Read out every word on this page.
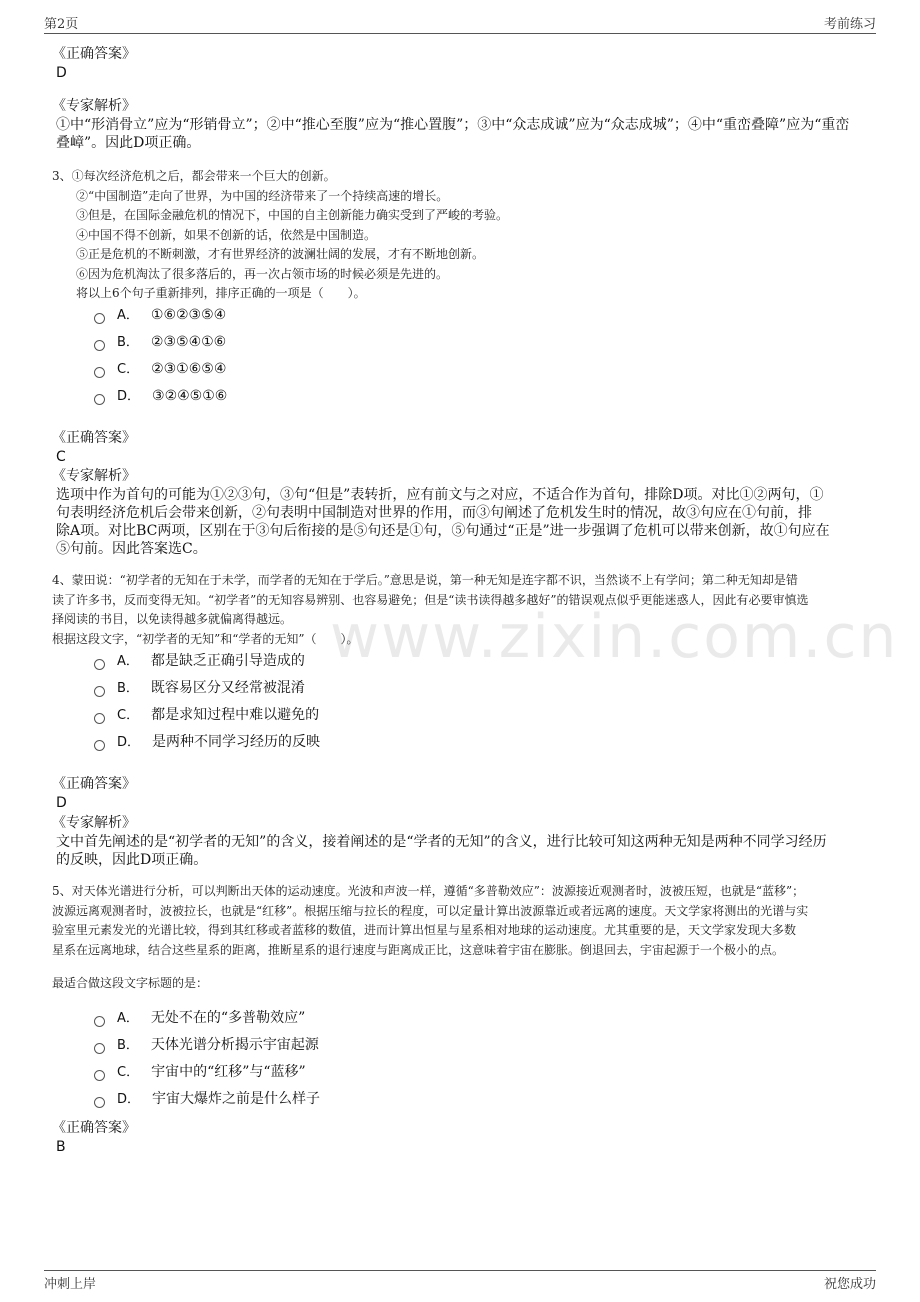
第2页	考前练习
www.zixin.com.cn
《正确答案》
D
《专家解析》
①中“形消骨立”应为“形销骨立”；②中“推心至腹”应为“推心置腹”；③中“众志成诚”应为“众志成城”；④中“重峦叠障”应为“重峦
叠嶂”。因此D项正确。
3、①每次经济危机之后，都会带来一个巨大的创新。
②“中国制造”走向了世界，为中国的经济带来了一个持续高速的增长。
③但是，在国际金融危机的情况下，中国的自主创新能力确实受到了严峻的考验。
④中国不得不创新，如果不创新的话，依然是中国制造。
⑤正是危机的不断刺激，才有世界经济的波澜壮阔的发展，才有不断地创新。
⑥因为危机淘汰了很多落后的，再一次占领市场的时候必须是先进的。
将以上6个句子重新排列，排序正确的一项是（　　）。
A． ①⑥②③⑤④
B． ②③⑤④①⑥
C． ②③①⑥⑤④
D． ③②④⑤①⑥
《正确答案》
C
《专家解析》
选项中作为首句的可能为①②③句，③句“但是”表转折，应有前文与之对应，不适合作为首句，排除D项。对比①②两句，①
句表明经济危机后会带来创新，②句表明中国制造对世界的作用，而③句阐述了危机发生时的情况，故③句应在①句前，排
除A项。对比BC两项，区别在于③句后衔接的是⑤句还是①句，⑤句通过“正是”进一步强调了危机可以带来创新，故①句应在
⑤句前。因此答案选C。
4、蒙田说：“初学者的无知在于未学，而学者的无知在于学后。”意思是说，第一种无知是连字都不识，当然谈不上有学问；第二种无知却是错
读了许多书，反而变得无知。“初学者”的无知容易辨别、也容易避免；但是“读书读得越多越好”的错误观点似乎更能迷惑人，因此有必要审慎选
择阅读的书目，以免读得越多就偏离得越远。
根据这段文字，“初学者的无知”和“学者的无知”（　　）。
A． 都是缺乏正确引导造成的
B． 既容易区分又经常被混淆
C． 都是求知过程中难以避免的
D． 是两种不同学习经历的反映
《正确答案》
D
《专家解析》
文中首先阐述的是“初学者的无知”的含义，接着阐述的是“学者的无知”的含义，进行比较可知这两种无知是两种不同学习经历
的反映，因此D项正确。
5、对天体光谱进行分析，可以判断出天体的运动速度。光波和声波一样，遵循“多普勒效应”：波源接近观测者时，波被压短，也就是“蓝移”；
波源远离观测者时，波被拉长，也就是“红移”。根据压缩与拉长的程度，可以定量计算出波源靠近或者远离的速度。天文学家将测出的光谱与实
验室里元素发光的光谱比较，得到其红移或者蓝移的数值，进而计算出恒星与星系相对地球的运动速度。尤其重要的是，天文学家发现大多数
星系在远离地球，结合这些星系的距离，推断星系的退行速度与距离成正比，这意味着宇宙在膨胀。倒退回去，宇宙起源于一个极小的点。
最适合做这段文字标题的是：
A． 无处不在的“多普勒效应”
B． 天体光谱分析揭示宇宙起源
C． 宇宙中的“红移”与“蓝移”
D． 宇宙大爆炸之前是什么样子
《正确答案》
B
冲刺上岸	祝您成功
